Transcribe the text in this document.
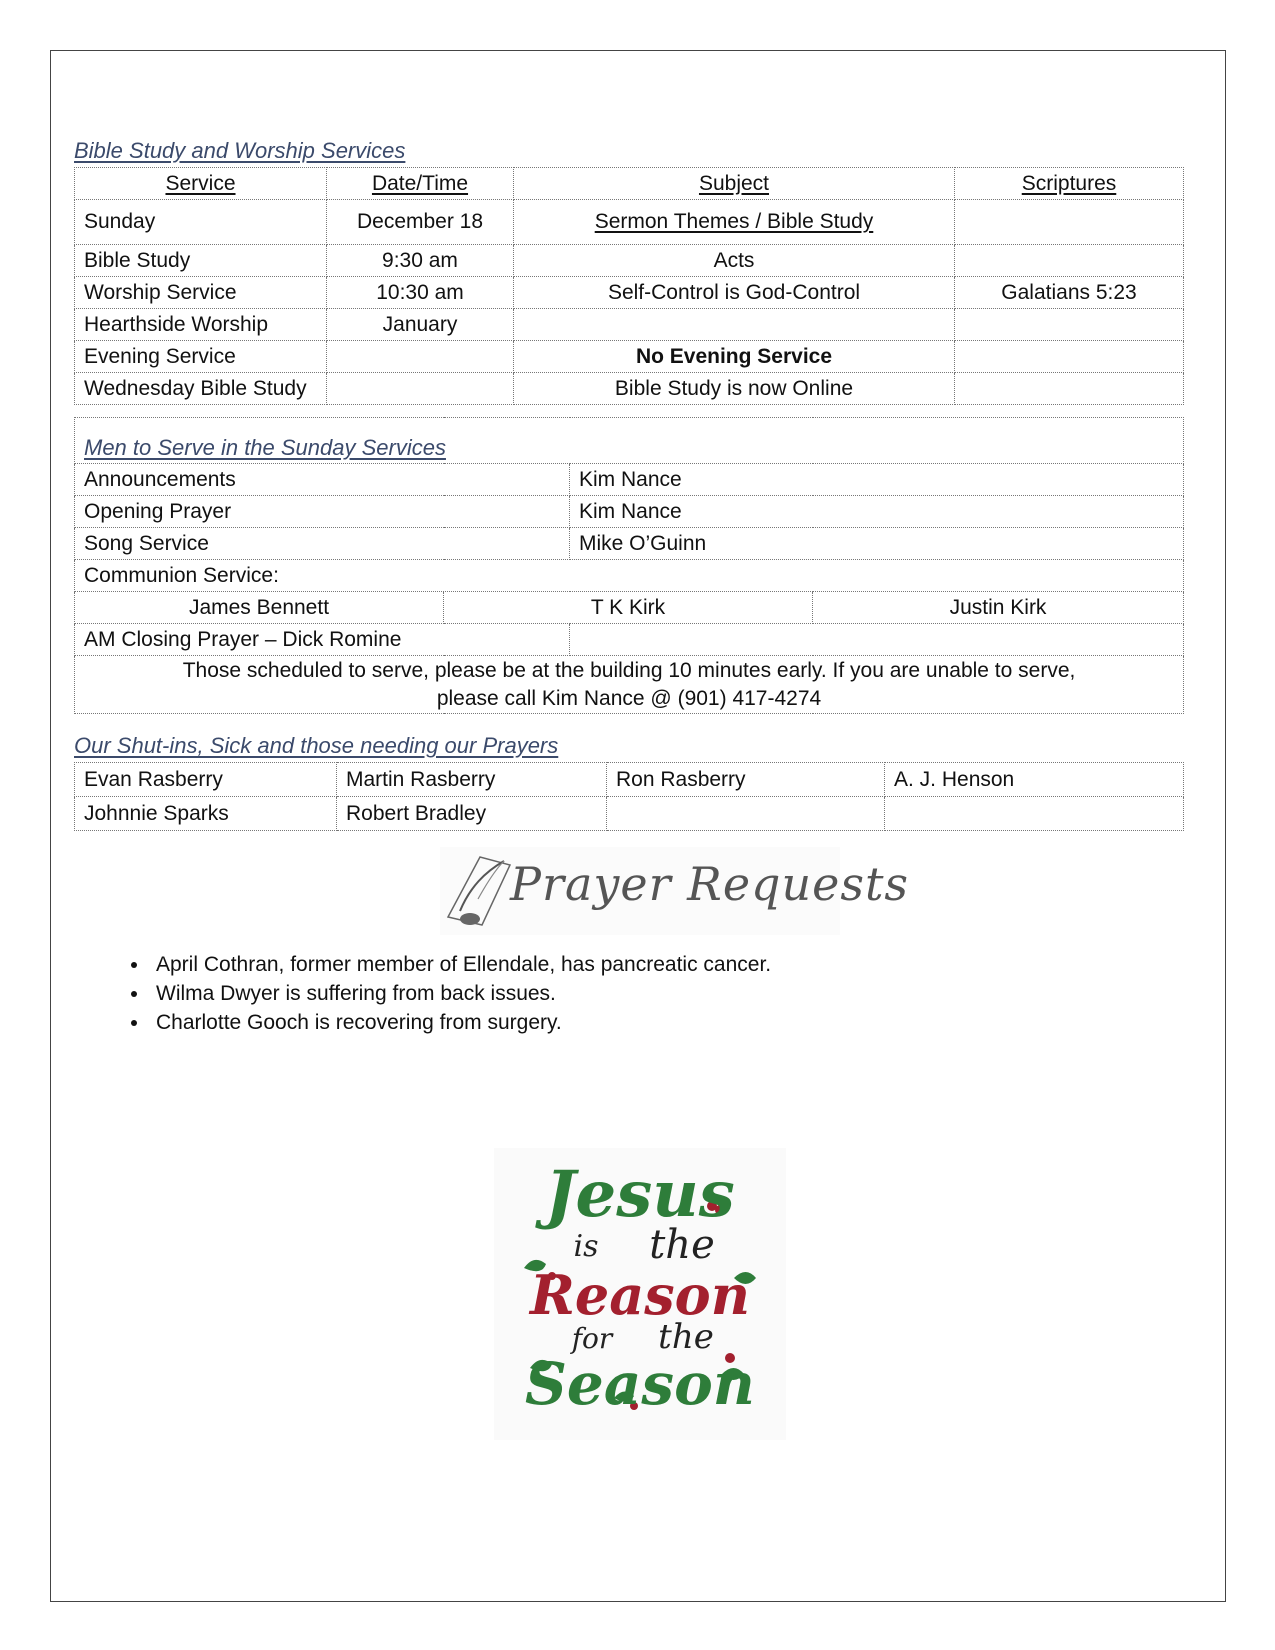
Bible Study and Worship Services
Service	Date/Time	Subject	Scriptures
Sunday	December 18	Sermon Themes / Bible Study	
Bible Study	9:30 am	Acts	
Worship Service	10:30 am	Self-Control is God-Control	Galatians 5:23
Hearthside Worship	January		
Evening Service		No Evening Service	
Wednesday Bible Study		Bible Study is now Online	
Men to Serve in the Sunday Services			
Announcements		Kim Nance	
Opening Prayer		Kim Nance	
Song Service		Mike O’Guinn	
Communion Service:			
James Bennett	T K Kirk		Justin Kirk
AM Closing Prayer – Dick Romine			

Those scheduled to serve, please be at the building 10 minutes early. If you are unable to serve,
please call Kim Nance @ (901) 417-4274			
Our Shut-ins, Sick and those needing our Prayers
Evan Rasberry	Martin Rasberry	Ron Rasberry	A. J. Henson
Johnnie Sparks	Robert Bradley		
Prayer Requests
• April Cothran, former member of Ellendale, has pancreatic cancer.
• Wilma Dwyer is suffering from back issues.
• Charlotte Gooch is recovering from surgery.
Jesus
is the
Reason
for the
Season
